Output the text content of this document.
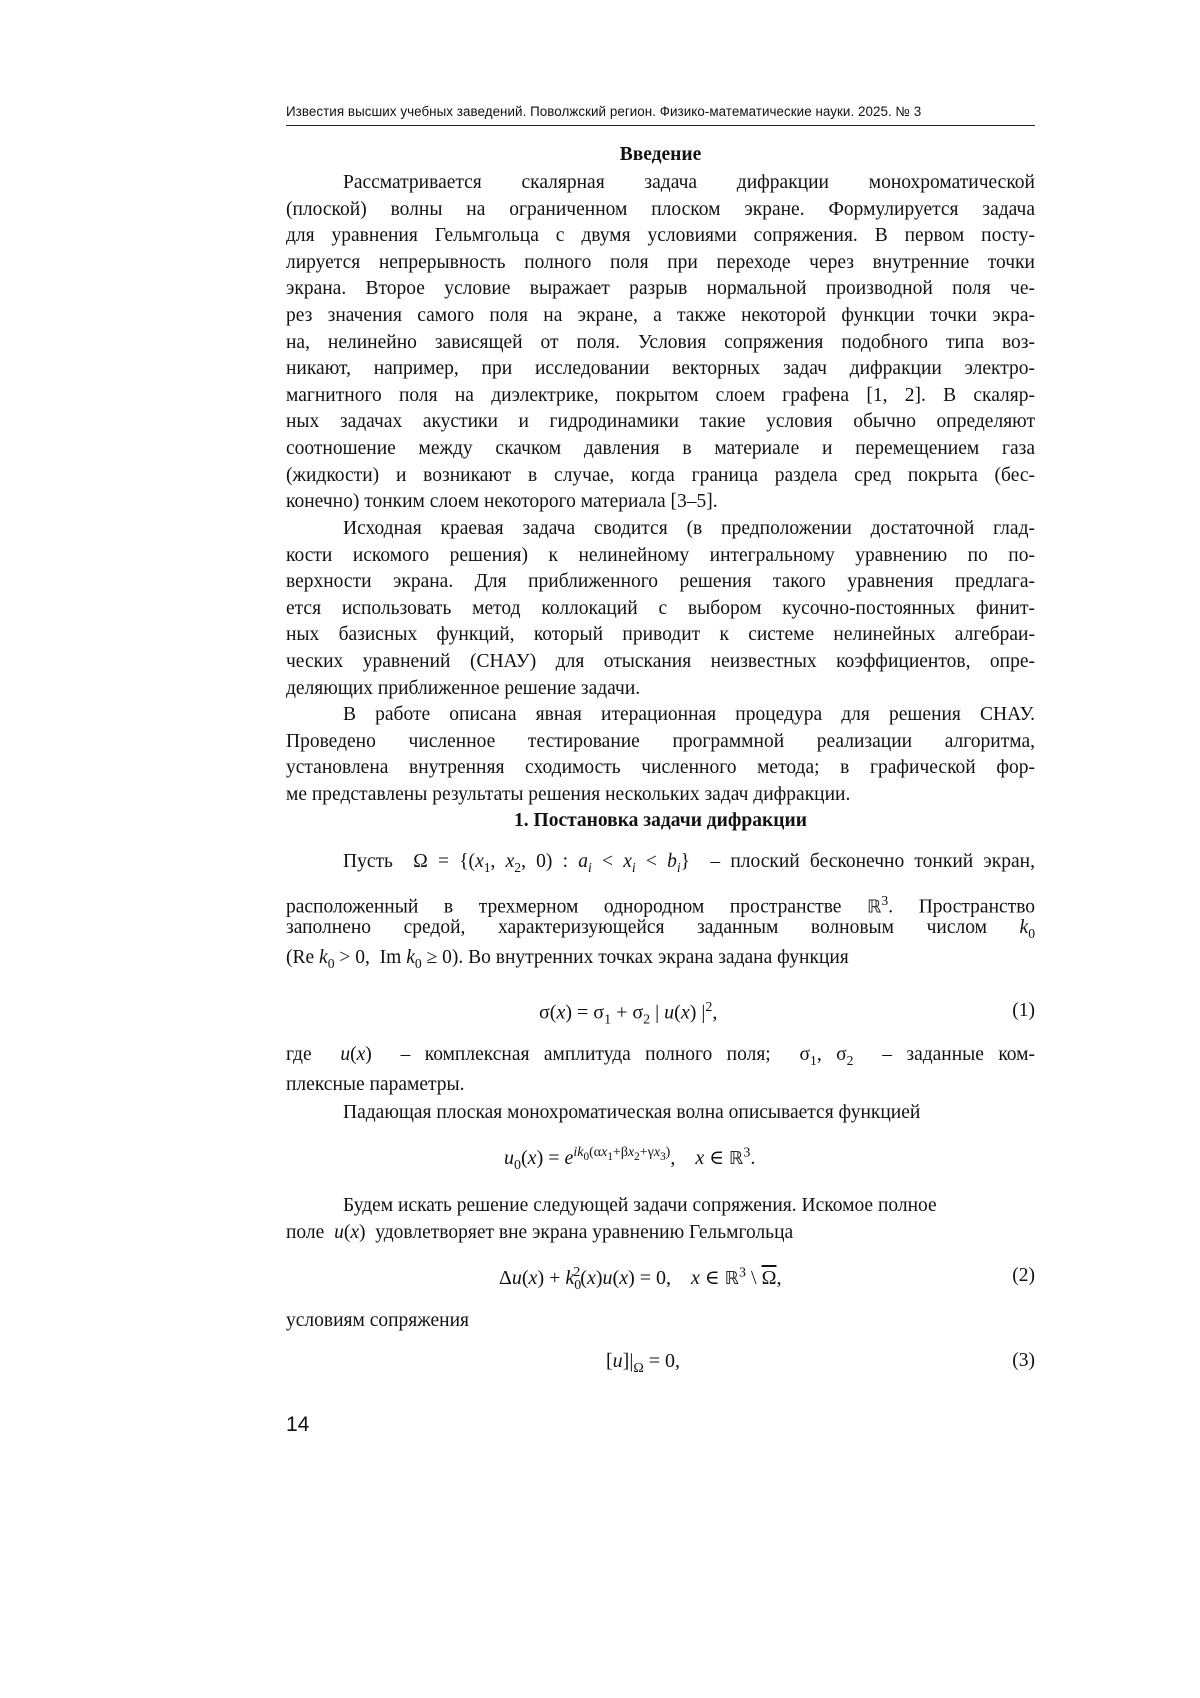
Известия высших учебных заведений. Поволжский регион. Физико-математические науки. 2025. № 3
Введение
Рассматривается скалярная задача дифракции монохроматической
(плоской) волны на ограниченном плоском экране. Формулируется задача
для уравнения Гельмгольца с двумя условиями сопряжения. В первом посту-
лируется непрерывность полного поля при переходе через внутренние точки
экрана. Второе условие выражает разрыв нормальной производной поля че-
рез значения самого поля на экране, а также некоторой функции точки экра-
на, нелинейно зависящей от поля. Условия сопряжения подобного типа воз-
никают, например, при исследовании векторных задач дифракции электро-
магнитного поля на диэлектрике, покрытом слоем графена [1, 2]. В скаляр-
ных задачах акустики и гидродинамики такие условия обычно определяют
соотношение между скачком давления в материале и перемещением газа
(жидкости) и возникают в случае, когда граница раздела сред покрыта (бес-
конечно) тонким слоем некоторого материала [3–5].
Исходная краевая задача сводится (в предположении достаточной глад-
кости искомого решения) к нелинейному интегральному уравнению по по-
верхности экрана. Для приближенного решения такого уравнения предлага-
ется использовать метод коллокаций с выбором кусочно-постоянных финит-
ных базисных функций, который приводит к системе нелинейных алгебраи-
ческих уравнений (СНАУ) для отыскания неизвестных коэффициентов, опре-
деляющих приближенное решение задачи.
В работе описана явная итерационная процедура для решения СНАУ.
Проведено численное тестирование программной реализации алгоритма,
установлена внутренняя сходимость численного метода; в графической фор-
ме представлены результаты решения нескольких задач дифракции.
1. Постановка задачи дифракции
Пусть  $\Omega = \{(x_1$, $x_2$, 0) : $a_i < x_i < b_i$}  – плоский бесконечно тонкий экран,
расположенный в трехмерном однородном пространстве ℝ$^3$. Пространство
заполнено средой, характеризующейся заданным волновым числом $k_0$
(Re $k_0 > 0$,  Im $k_0 \ge 0$). Во внутренних точках экрана задана функция
$\sigma(x) = \sigma_1 + \sigma_2$ | u(x) $|^2$,	(1)
где u(x)  – комплексная амплитуда полного поля;  $\sigma_1$, $\sigma_2$ – заданные ком-
плексные параметры.
Падающая плоская монохроматическая волна описывается функцией
$u_0(x) = e^{ik_0(\alpha x_1+\beta x_2+\gamma x_3)}$,    x ∈ ℝ$^3$.
Будем искать решение следующей задачи сопряжения. Искомое полное
поле u(x)  удовлетворяет вне экрана уравнению Гельмгольца
$\Delta u(x) + k_0^2(x)u(x) = 0$,    x ∈ ℝ$^3$ \ $\overline{\Omega}$,	(2)
условиям сопряжения
$[u]|_\Omega = 0$,	(3)
14
